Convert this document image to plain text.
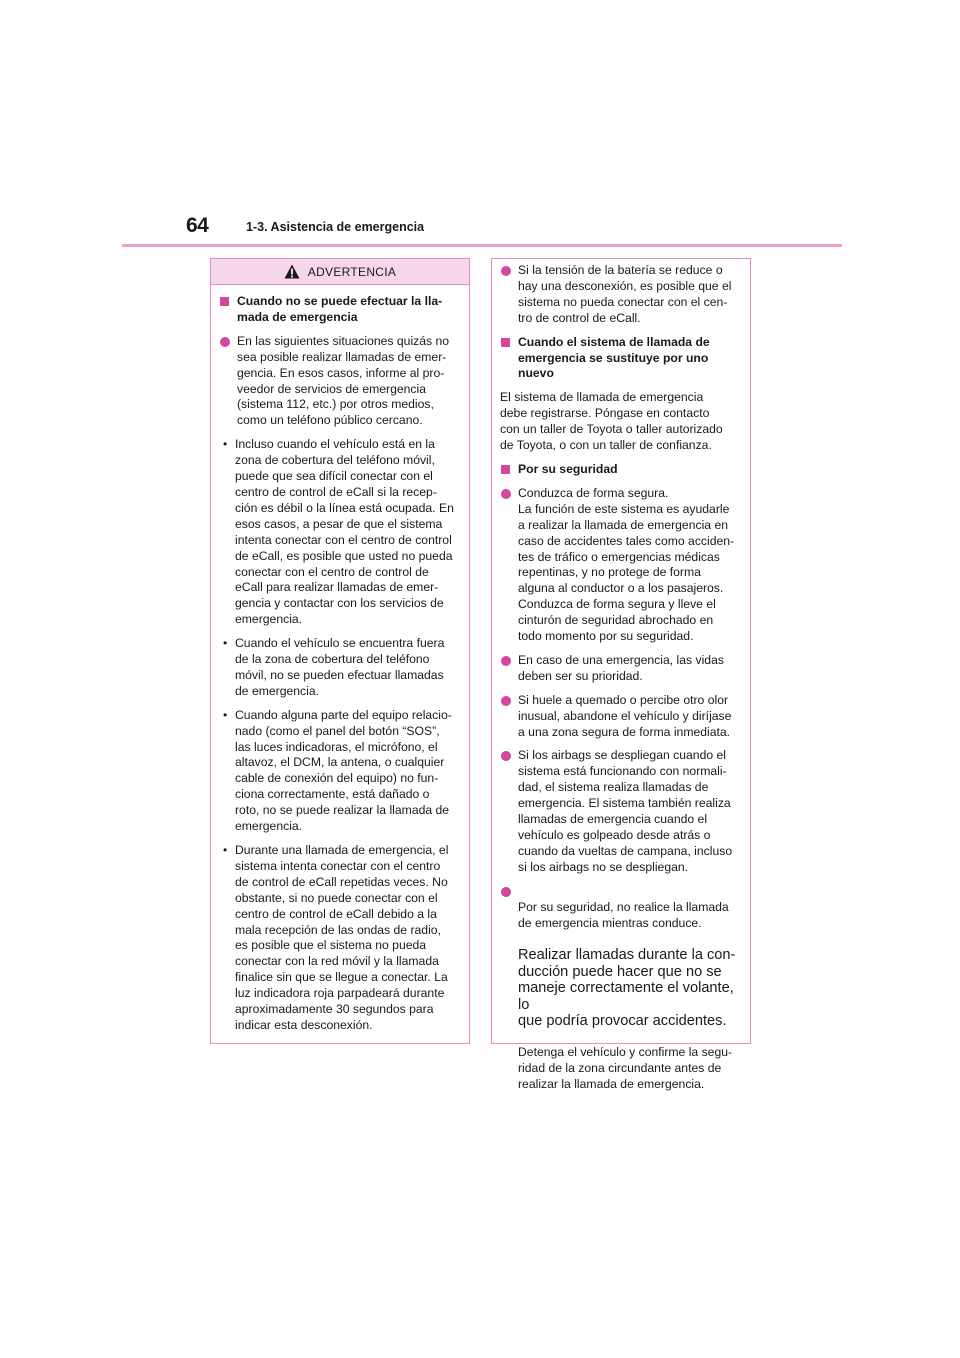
64	1-3. Asistencia de emergencia
ADVERTENCIA
Cuando no se puede efectuar la lla-
mada de emergencia
En las siguientes situaciones quizás no
sea posible realizar llamadas de emer-
gencia. En esos casos, informe al pro-
veedor de servicios de emergencia
(sistema 112, etc.) por otros medios,
como un teléfono público cercano.
•
Incluso cuando el vehículo está en la
zona de cobertura del teléfono móvil,
puede que sea difícil conectar con el
centro de control de eCall si la recep-
ción es débil o la línea está ocupada. En
esos casos, a pesar de que el sistema
intenta conectar con el centro de control
de eCall, es posible que usted no pueda
conectar con el centro de control de
eCall para realizar llamadas de emer-
gencia y contactar con los servicios de
emergencia.
•
Cuando el vehículo se encuentra fuera
de la zona de cobertura del teléfono
móvil, no se pueden efectuar llamadas
de emergencia.
•
Cuando alguna parte del equipo relacio-
nado (como el panel del botón “SOS”,
las luces indicadoras, el micrófono, el
altavoz, el DCM, la antena, o cualquier
cable de conexión del equipo) no fun-
ciona correctamente, está dañado o
roto, no se puede realizar la llamada de
emergencia.
•
Durante una llamada de emergencia, el
sistema intenta conectar con el centro
de control de eCall repetidas veces. No
obstante, si no puede conectar con el
centro de control de eCall debido a la
mala recepción de las ondas de radio,
es posible que el sistema no pueda
conectar con la red móvil y la llamada
finalice sin que se llegue a conectar. La
luz indicadora roja parpadeará durante
aproximadamente 30 segundos para
indicar esta desconexión.
Si la tensión de la batería se reduce o
hay una desconexión, es posible que el
sistema no pueda conectar con el cen-
tro de control de eCall.
Cuando el sistema de llamada de
emergencia se sustituye por uno
nuevo
El sistema de llamada de emergencia
debe registrarse. Póngase en contacto
con un taller de Toyota o taller autorizado
de Toyota, o con un taller de confianza.
Por su seguridad
Conduzca de forma segura.
La función de este sistema es ayudarle
a realizar la llamada de emergencia en
caso de accidentes tales como acciden-
tes de tráfico o emergencias médicas
repentinas, y no protege de forma
alguna al conductor o a los pasajeros.
Conduzca de forma segura y lleve el
cinturón de seguridad abrochado en
todo momento por su seguridad.
En caso de una emergencia, las vidas
deben ser su prioridad.
Si huele a quemado o percibe otro olor
inusual, abandone el vehículo y diríjase
a una zona segura de forma inmediata.
Si los airbags se despliegan cuando el
sistema está funcionando con normali-
dad, el sistema realiza llamadas de
emergencia. El sistema también realiza
llamadas de emergencia cuando el
vehículo es golpeado desde atrás o
cuando da vueltas de campana, incluso
si los airbags no se despliegan.

Por su seguridad, no realice la llamada
de emergencia mientras conduce.

Realizar llamadas durante la con-
ducción puede hacer que no se
maneje correctamente el volante, lo
que podría provocar accidentes.

Detenga el vehículo y confirme la segu-
ridad de la zona circundante antes de
realizar la llamada de emergencia.
